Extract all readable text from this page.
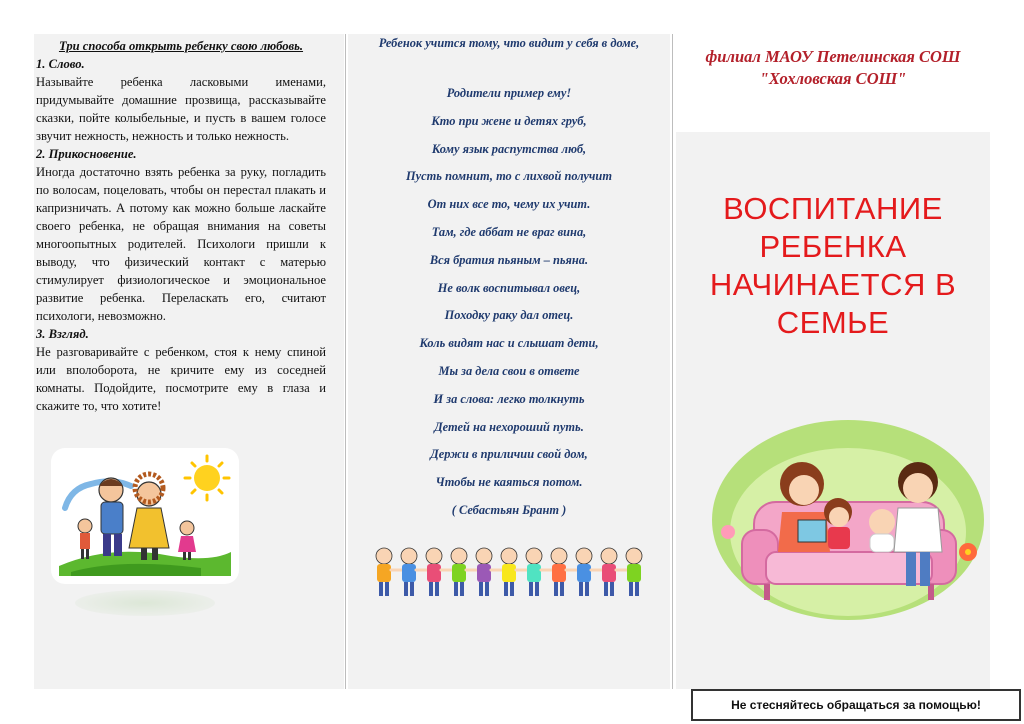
Три способа открыть ребенку свою любовь.
1. Слово.
Называйте ребенка ласковыми именами, придумывайте домашние прозвища, рассказывайте сказки, пойте колыбельные, и пусть в вашем голосе звучит нежность, нежность и только нежность.
2. Прикосновение.
Иногда достаточно взять ребенка за руку, погладить по волосам, поцеловать, чтобы он перестал плакать и капризничать. А потому как можно больше ласкайте своего ребенка, не обращая внимания на советы многоопытных родителей. Психологи пришли к выводу, что физический контакт с матерью стимулирует физиологическое и эмоциональное развитие ребенка. Переласкать его, считают психологи, невозможно.
3. Взгляд.
Не разговаривайте с ребенком, стоя к нему спиной или вполоборота, не кричите ему из соседней комнаты. Подойдите, посмотрите ему в глаза и скажите то, что хотите!
Ребенок учится тому, что видит у себя в доме,
Родители пример ему!
Кто при жене и детях груб,
Кому язык распутства люб,
Пусть помнит, то с лихвой получит
От них все то, чему их учит.
Там, где аббат не враг вина,
Вся братия пьяным – пьяна.
Не волк воспитывал овец,
Походку раку дал отец.
Коль видят нас и слышат дети,
Мы за дела свои в ответе
И за слова: легко толкнуть
Детей на нехороший путь.
Держи в приличии свой дом,
Чтобы не каяться потом.
( Себастьян Брант )
филиал МАОУ Петелинская СОШ
"Хохловская СОШ"
ВОСПИТАНИЕ
РЕБЕНКА
НАЧИНАЕТСЯ В
СЕМЬЕ
Не стесняйтесь обращаться за помощью!
